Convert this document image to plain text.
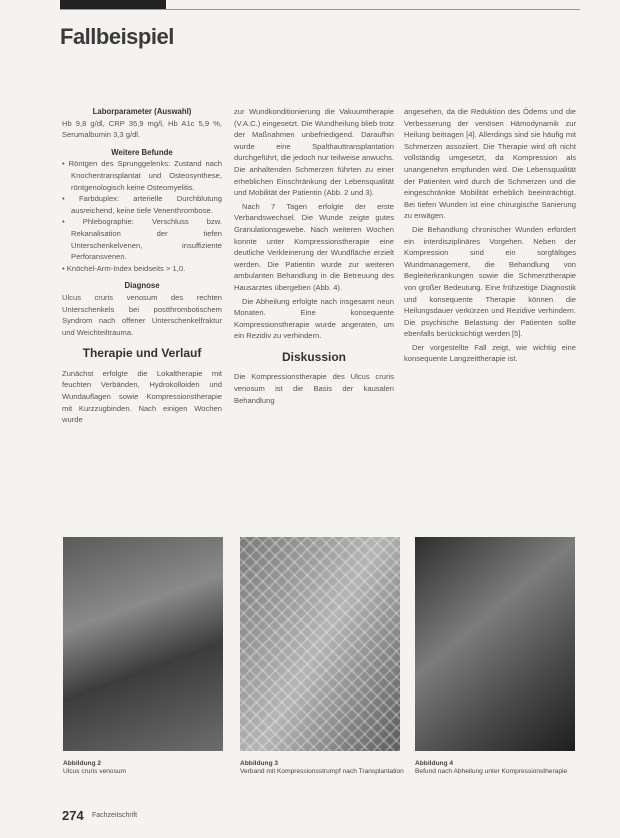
Fallbeispiel

Laborparameter (Auswahl)

Hb 9,8 g/dl, CRP 35,9 mg/l, Hb A1c 5,9 %, Serumalbumin 3,3 g/dl.

Weitere Befunde

• Röntgen des Sprunggelenks: Zustand nach Knochentransplantat und Osteosynthese, röntgenologisch keine Osteomyelitis.

• Farbduplex: arterielle Durchblutung ausreichend, keine tiefe Venenthrombose.

• Phlebographie: Verschluss bzw. Rekanalisation der tiefen Unterschenkelvenen, insuffiziente Perforansvenen.

• Knöchel-Arm-Index beidseits > 1,0.

Diagnose

Ulcus cruris venosum des rechten Unterschenkels bei postthrombotischem Syndrom nach offener Unterschenkelfraktur und Weichteiltrauma.

Therapie und Verlauf

Zunächst erfolgte die Lokaltherapie mit feuchten Verbänden, Hydrokolloiden und Wundauflagen sowie Kompressionstherapie mit Kurzzugbinden. Nach einigen Wochen wurde

zur Wundkonditionierung die Vakuumtherapie (V.A.C.) eingesetzt. Die Wundheilung blieb trotz der Maßnahmen unbefriedigend. Daraufhin wurde eine Spalthauttransplantation durchgeführt, die jedoch nur teilweise anwuchs. Die anhaltenden Schmerzen führten zu einer erheblichen Einschränkung der Lebensqualität und Mobilität der Patientin (Abb. 2 und 3).

Nach 7 Tagen erfolgte der erste Verbandswechsel. Die Wunde zeigte gutes Granulationsgewebe. Nach weiteren Wochen konnte unter Kompressionstherapie eine deutliche Verkleinerung der Wundfläche erzielt werden. Die Patientin wurde zur weiteren ambulanten Behandlung in die Betreuung des Hausarztes übergeben (Abb. 4).

Die Abheilung erfolgte nach insgesamt neun Monaten. Eine konsequente Kompressionstherapie wurde angeraten, um ein Rezidiv zu verhindern.

Diskussion

Die Kompressionstherapie des Ulcus cruris venosum ist die Basis der kausalen Behandlung

angesehen, da die Reduktion des Ödems und die Verbesserung der venösen Hämodynamik zur Heilung beitragen [4]. Allerdings sind sie häufig mit Schmerzen assoziiert. Die Therapie wird oft nicht vollständig umgesetzt, da Kompression als unangenehm empfunden wird. Die Lebensqualität der Patienten wird durch die Schmerzen und die eingeschränkte Mobilität erheblich beeinträchtigt. Bei tiefen Wunden ist eine chirurgische Sanierung zu erwägen.

Die Behandlung chronischer Wunden erfordert ein interdisziplinäres Vorgehen. Neben der Kompression sind ein sorgfältiges Wundmanagement, die Behandlung von Begleiterkrankungen sowie die Schmerztherapie von großer Bedeutung. Eine frühzeitige Diagnostik und konsequente Therapie können die Heilungsdauer verkürzen und Rezidive verhindern. Die psychische Belastung der Patienten sollte ebenfalls berücksichtigt werden [5].

Der vorgestellte Fall zeigt, wie wichtig eine konsequente Langzeittherapie ist.

Abbildung 2
Ulcus cruris venosum
Abbildung 3
Verband mit Kompressionsstrumpf nach Transplantation
Abbildung 4
Befund nach Abheilung unter Kompressionstherapie
274 Fachzeitschrift
